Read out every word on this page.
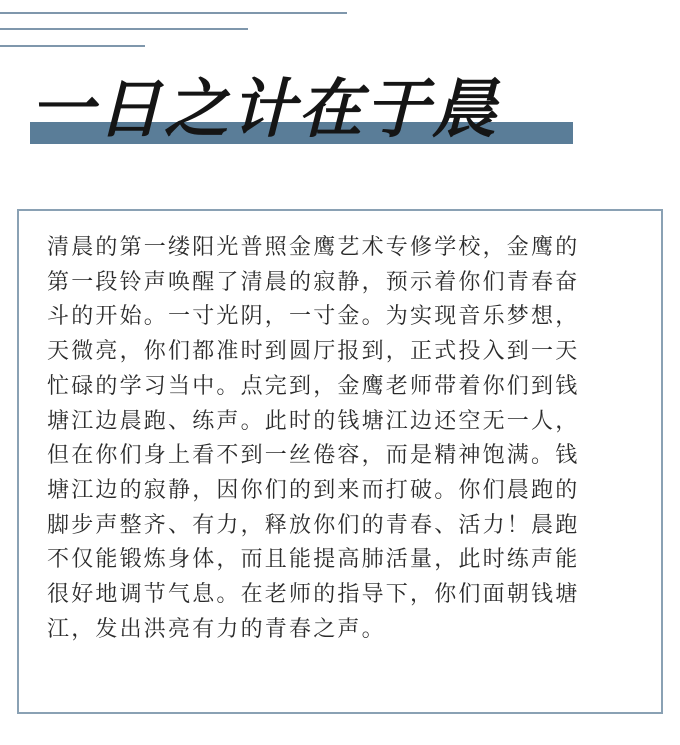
一日之计在于晨

清晨的第一缕阳光普照金鹰艺术专修学校，金鹰的
第一段铃声唤醒了清晨的寂静，预示着你们青春奋
斗的开始。一寸光阴，一寸金。为实现音乐梦想，
天微亮，你们都准时到圆厅报到，正式投入到一天
忙碌的学习当中。点完到，金鹰老师带着你们到钱
塘江边晨跑、练声。此时的钱塘江边还空无一人，
但在你们身上看不到一丝倦容，而是精神饱满。钱
塘江边的寂静，因你们的到来而打破。你们晨跑的
脚步声整齐、有力，释放你们的青春、活力！晨跑
不仅能锻炼身体，而且能提高肺活量，此时练声能
很好地调节气息。在老师的指导下，你们面朝钱塘
江，发出洪亮有力的青春之声。
